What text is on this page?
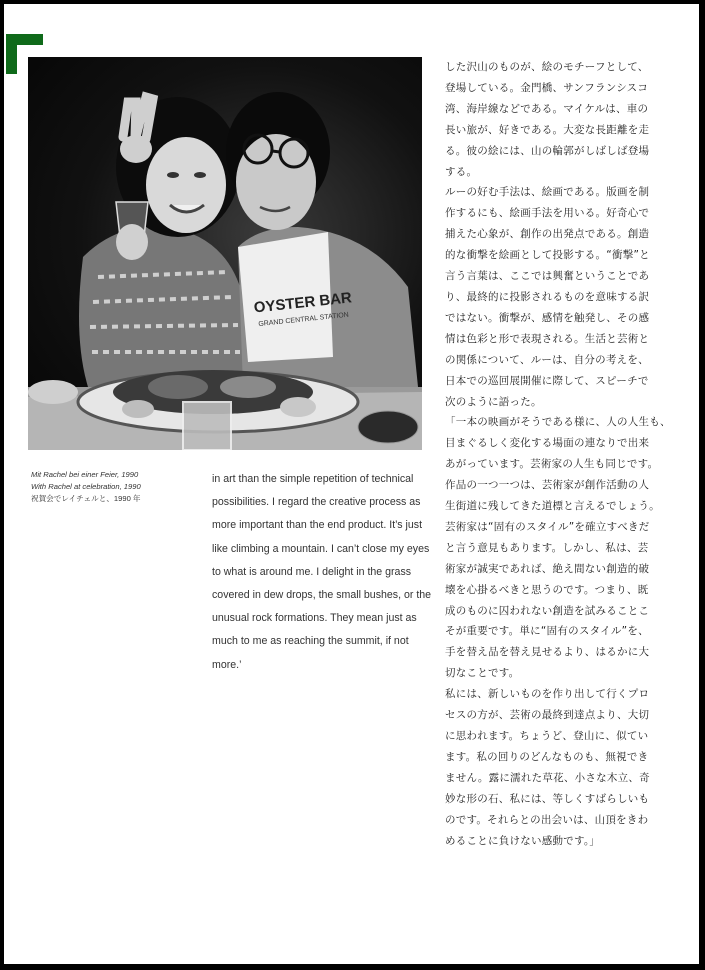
OYSTER BAR
GRAND CENTRAL STATION
Mit Rachel bei einer Feier, 1990
With Rachel at celebration, 1990
祝賀会でレイチェルと、1990 年
in art than the simple repetition of technical
possibilities. I regard the creative process as
more important than the end product. It’s just
like climbing a mountain. I can’t close my eyes
to what is around me. I delight in the grass
covered in dew drops, the small bushes, or the
unusual rock formations. They mean just as
much to me as reaching the summit, if not
more.’
した沢山のものが、絵のモチーフとして、
登場している。金門橋、サンフランシスコ
湾、海岸線などである。マイケルは、車の
長い旅が、好きである。大変な長距離を走
る。彼の絵には、山の輪郭がしばしば登場
する。
ルーの好む手法は、絵画である。版画を制
作するにも、絵画手法を用いる。好奇心で
捕えた心象が、創作の出発点である。創造
的な衝撃を絵画として投影する。“衝撃”と
言う言葉は、ここでは興奮ということであ
り、最終的に投影されるものを意味する訳
ではない。衝撃が、感情を触発し、その感
情は色彩と形で表現される。生活と芸術と
の関係について、ルーは、自分の考えを、
日本での巡回展開催に際して、スピーチで
次のように語った。
「一本の映画がそうである様に、人の人生も、
目まぐるしく変化する場面の連なりで出来
あがっています。芸術家の人生も同じです。
作品の一つ一つは、芸術家が創作活動の人
生街道に残してきた道標と言えるでしょう。
芸術家は“固有のスタイル”を確立すべきだ
と言う意見もあります。しかし、私は、芸
術家が誠実であれば、絶え間ない創造的破
壊を心掛るべきと思うのです。つまり、既
成のものに囚われない創造を試みることこ
そが重要です。単に“固有のスタイル”を、
手を替え品を替え見せるより、はるかに大
切なことです。
私には、新しいものを作り出して行くプロ
セスの方が、芸術の最終到達点より、大切
に思われます。ちょうど、登山に、似てい
ます。私の回りのどんなものも、無視でき
ません。露に濡れた草花、小さな木立、奇
妙な形の石、私には、等しくすばらしいも
のです。それらとの出会いは、山頂をきわ
めることに負けない感動です。」
